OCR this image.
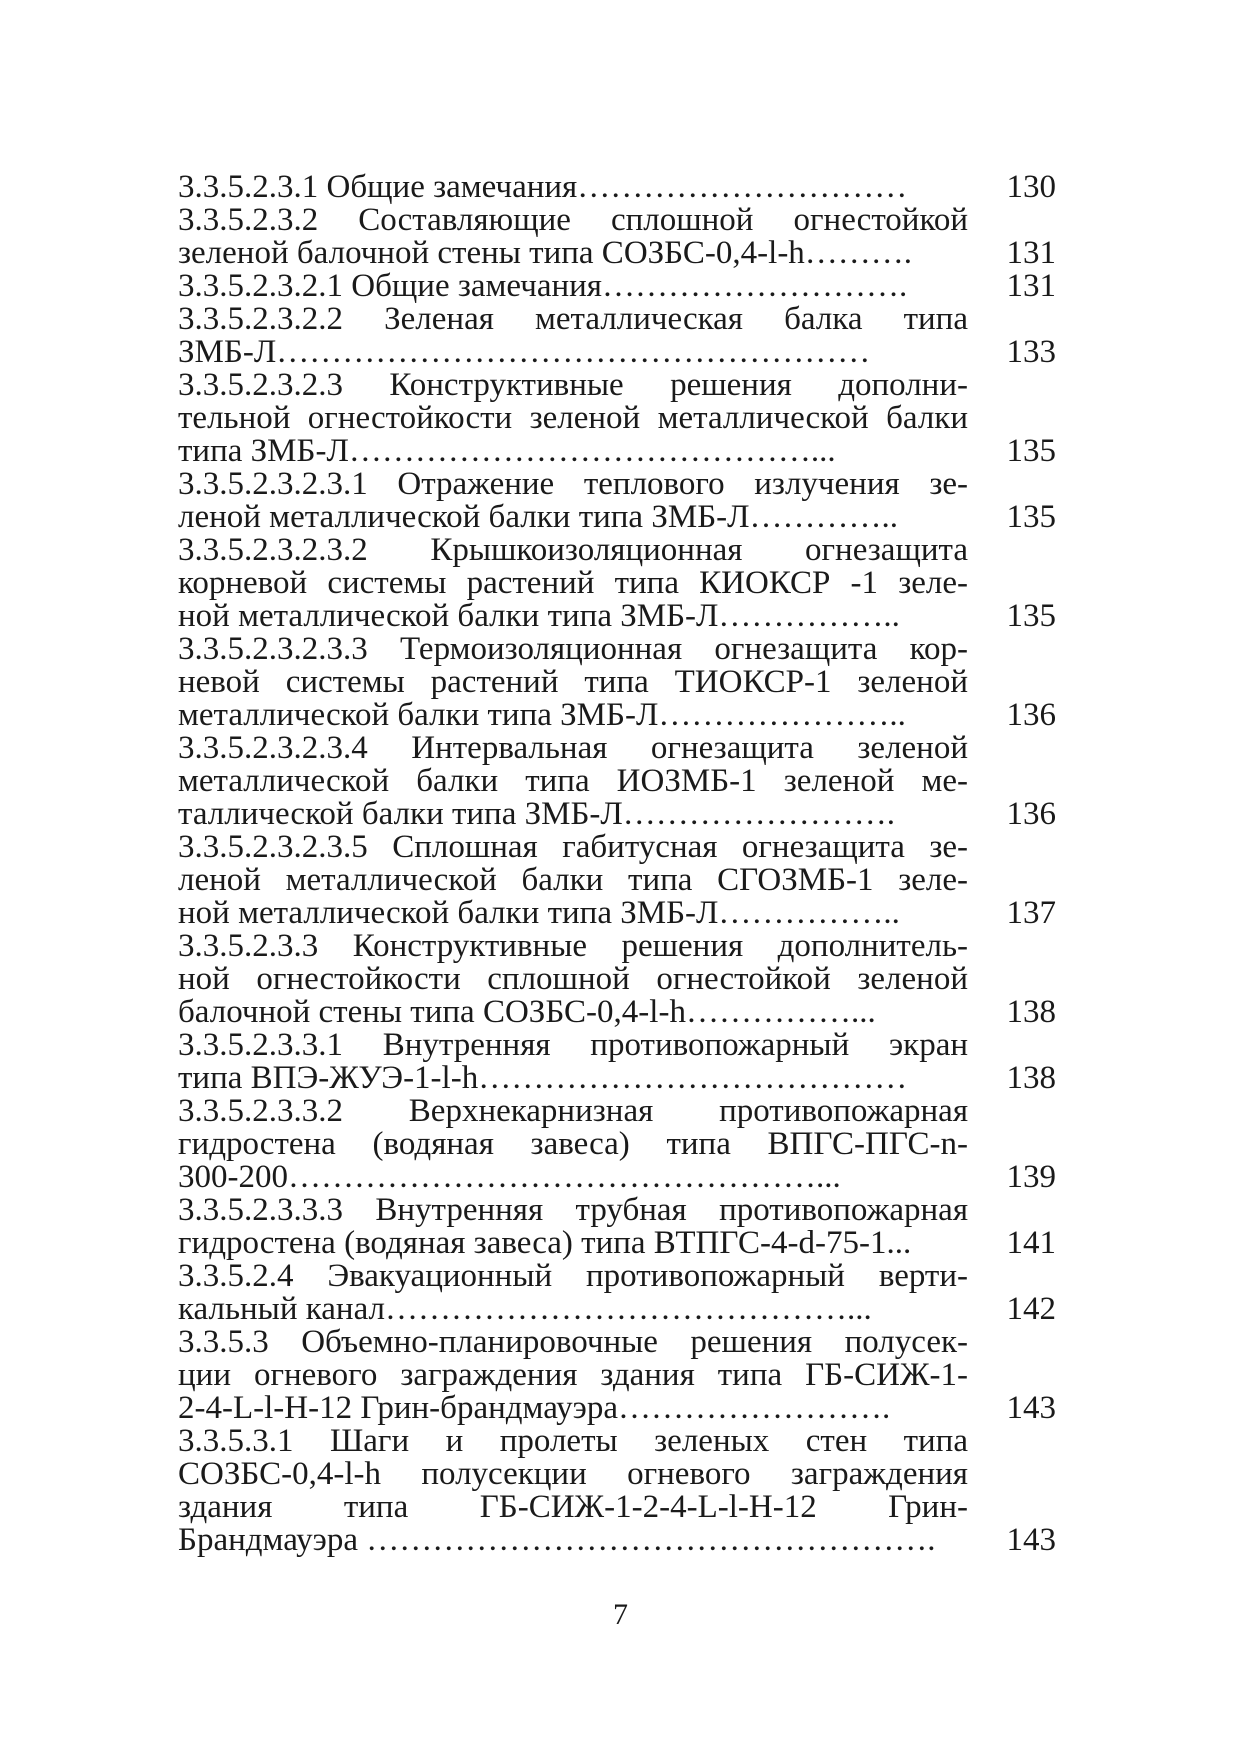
3.3.5.2.3.1 Общие замечания…………………………	130
3.3.5.2.3.2 Составляющие сплошной огнестойкой
зеленой балочной стены типа СОЗБС-0,4-l-h……….	131
3.3.5.2.3.2.1 Общие замечания……………………….	131
3.3.5.2.3.2.2 Зеленая металлическая балка типа
ЗМБ-Л………………………………………………	133
3.3.5.2.3.2.3 Конструктивные решения дополни-
тельной огнестойкости зеленой металлической балки
типа ЗМБ-Л……………………………………...	135
3.3.5.2.3.2.3.1 Отражение теплового излучения зе-
леной металлической балки типа ЗМБ-Л…………..	135
3.3.5.2.3.2.3.2 Крышкоизоляционная огнезащита
корневой системы растений типа КИОКСР -1 зеле-
ной металлической балки типа ЗМБ-Л……………..	135
3.3.5.2.3.2.3.3 Термоизоляционная огнезащита кор-
невой системы растений типа ТИОКСР-1 зеленой
металлической балки типа ЗМБ-Л…………………..	136
3.3.5.2.3.2.3.4 Интервальная огнезащита зеленой
металлической балки типа ИОЗМБ-1 зеленой ме-
таллической балки типа ЗМБ-Л…………………….	136
3.3.5.2.3.2.3.5 Сплошная габитусная огнезащита зе-
леной металлической балки типа СГОЗМБ-1 зеле-
ной металлической балки типа ЗМБ-Л……………..	137
3.3.5.2.3.3 Конструктивные решения дополнитель-
ной огнестойкости сплошной огнестойкой зеленой
балочной стены типа СОЗБС-0,4-l-h……………...	138
3.3.5.2.3.3.1 Внутренняя противопожарный экран
типа ВПЭ-ЖУЭ-1-l-h…………………………………	138
3.3.5.2.3.3.2 Верхнекарнизная противопожарная
гидростена (водяная завеса) типа ВПГС-ПГС-n-
300-200…………………………………………...	139
3.3.5.2.3.3.3 Внутренняя трубная противопожарная
гидростена (водяная завеса) типа ВТПГС-4-d-75-1...	141
3.3.5.2.4 Эвакуационный противопожарный верти-
кальный канал……………………………………...	142
3.3.5.3 Объемно-планировочные решения полусек-
ции огневого заграждения здания типа ГБ-СИЖ-1-
2-4-L-l-H-12 Грин-брандмауэра…………………….	143
3.3.5.3.1 Шаги и пролеты зеленых стен типа
СОЗБС-0,4-l-h полусекции огневого заграждения
здания типа ГБ-СИЖ-1-2-4-L-l-H-12 Грин-
Брандмауэра …………………………………………….	143
7
